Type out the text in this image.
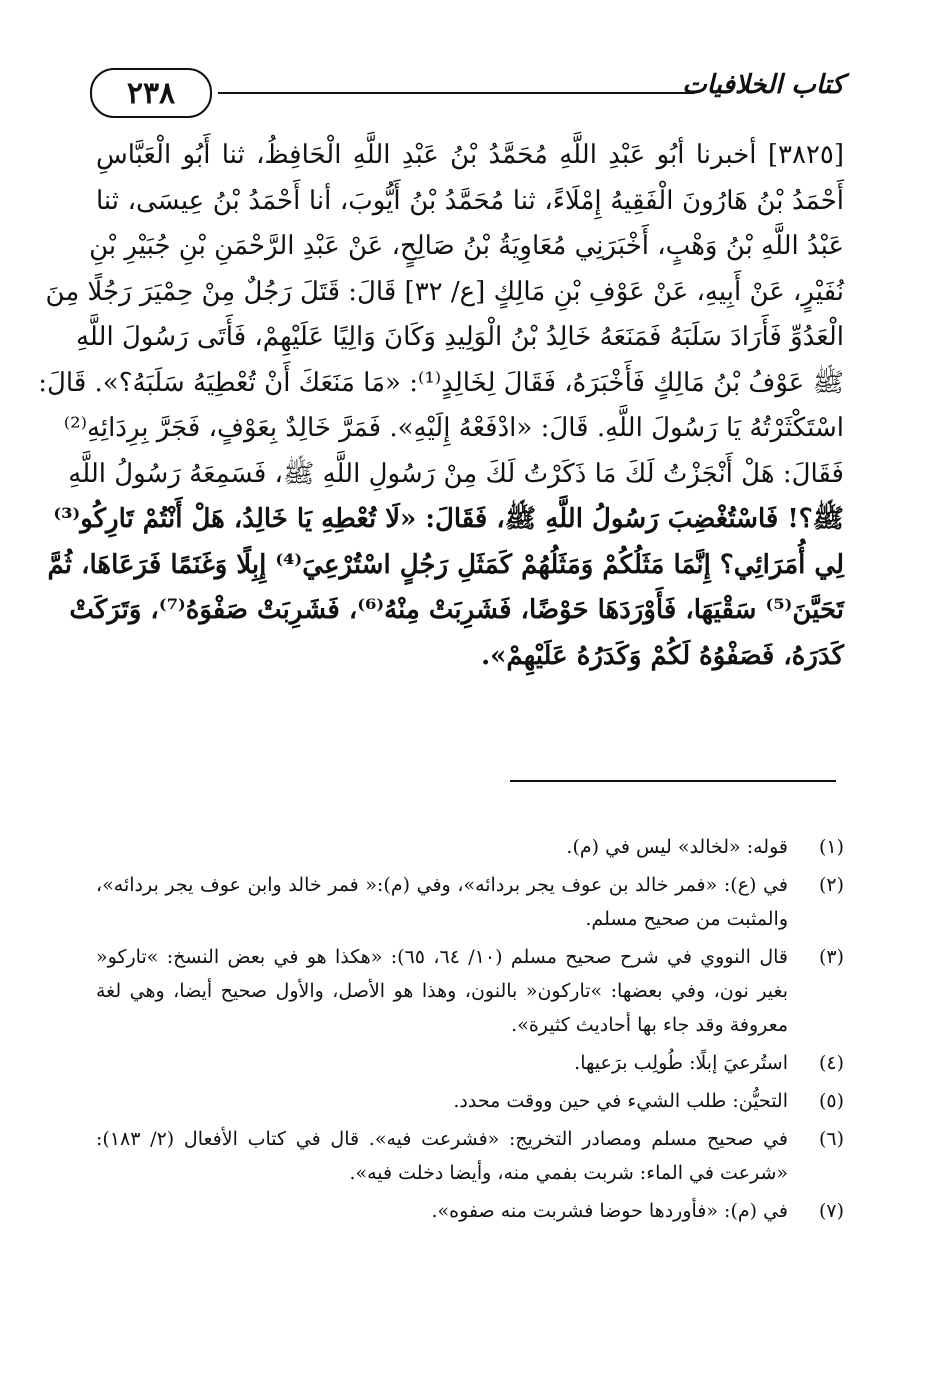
٢٣٨	كتاب الخلافيات
[٣٨٢٥] أخبرنا أبُو عَبْدِ اللَّهِ مُحَمَّدُ بْنُ عَبْدِ اللَّهِ الْحَافِظُ، ثنا أَبُو الْعَبَّاسِ
أَحْمَدُ بْنُ هَارُونَ الْفَقِيهُ إِمْلَاءً، ثنا مُحَمَّدُ بْنُ أَيُّوبَ، أنا أَحْمَدُ بْنُ عِيسَى، ثنا
عَبْدُ اللَّهِ بْنُ وَهْبٍ، أَخْبَرَنِي مُعَاوِيَةُ بْنُ صَالِحٍ، عَنْ عَبْدِ الرَّحْمَنِ بْنِ جُبَيْرِ بْنِ
نُفَيْرٍ، عَنْ أَبِيهِ، عَنْ عَوْفِ بْنِ مَالِكٍ [ع/ ٣٢] قَالَ: قَتَلَ رَجُلٌ مِنْ حِمْيَرَ رَجُلًا مِنَ
الْعَدُوِّ فَأَرَادَ سَلَبَهُ فَمَنَعَهُ خَالِدُ بْنُ الْوَلِيدِ وَكَانَ وَالِيًا عَلَيْهِمْ، فَأَتَى رَسُولَ اللَّهِ
ﷺ عَوْفُ بْنُ مَالِكٍ فَأَخْبَرَهُ، فَقَالَ لِخَالِدٍ⁽¹⁾: «مَا مَنَعَكَ أَنْ تُعْطِيَهُ سَلَبَهُ؟». قَالَ:
اسْتَكْثَرْتُهُ يَا رَسُولَ اللَّهِ. قَالَ: «ادْفَعْهُ إِلَيْهِ». فَمَرَّ خَالِدٌ بِعَوْفٍ، فَجَرَّ بِرِدَائِهِ⁽²⁾
فَقَالَ: هَلْ أَنْجَزْتُ لَكَ مَا ذَكَرْتُ لَكَ مِنْ رَسُولِ اللَّهِ ﷺ، فَسَمِعَهُ رَسُولُ اللَّهِ
ﷺ؟! فَاسْتُغْضِبَ رَسُولُ اللَّهِ ﷺ، فَقَالَ: «لَا تُعْطِهِ يَا خَالِدُ، هَلْ أَنْتُمْ تَارِكُو⁽³⁾
لِي أُمَرَائِي؟ إِنَّمَا مَثَلُكُمْ وَمَثَلُهُمْ كَمَثَلِ رَجُلٍ اسْتُرْعِيَ⁽⁴⁾ إِبِلًا وَغَنَمًا فَرَعَاهَا، ثُمَّ
تَحَيَّنَ⁽⁵⁾ سَقْيَهَا، فَأَوْرَدَهَا حَوْضًا، فَشَرِبَتْ مِنْهُ⁽⁶⁾، فَشَرِبَتْ صَفْوَهُ⁽⁷⁾، وَتَرَكَتْ
كَدَرَهُ، فَصَفْوُهُ لَكُمْ وَكَدَرُهُ عَلَيْهِمْ».
(١)
قوله: «لخالد» ليس في (م).
(٢)
في (ع): «فمر خالد بن عوف يجر بردائه»، وفي (م):« فمر خالد وابن عوف يجر بردائه»، والمثبت من صحيح مسلم.
(٣)
قال النووي في شرح صحيح مسلم (١٠/ ٦٤، ٦٥): «هكذا هو في بعض النسخ: »تاركو« بغير نون، وفي بعضها: »تاركون« بالنون، وهذا هو الأصل، والأول صحيح أيضا، وهي لغة معروفة وقد جاء بها أحاديث كثيرة».
(٤)
استُرعيَ إبلًا: طُولِب برَعيها.
(٥)
التحيُّن: طلب الشيء في حين ووقت محدد.
(٦)
في صحيح مسلم ومصادر التخريج: «فشرعت فيه». قال في كتاب الأفعال (٢/ ١٨٣): «شرعت في الماء: شربت بفمي منه، وأيضا دخلت فيه».
(٧)
في (م): «فأوردها حوضا فشربت منه صفوه».
